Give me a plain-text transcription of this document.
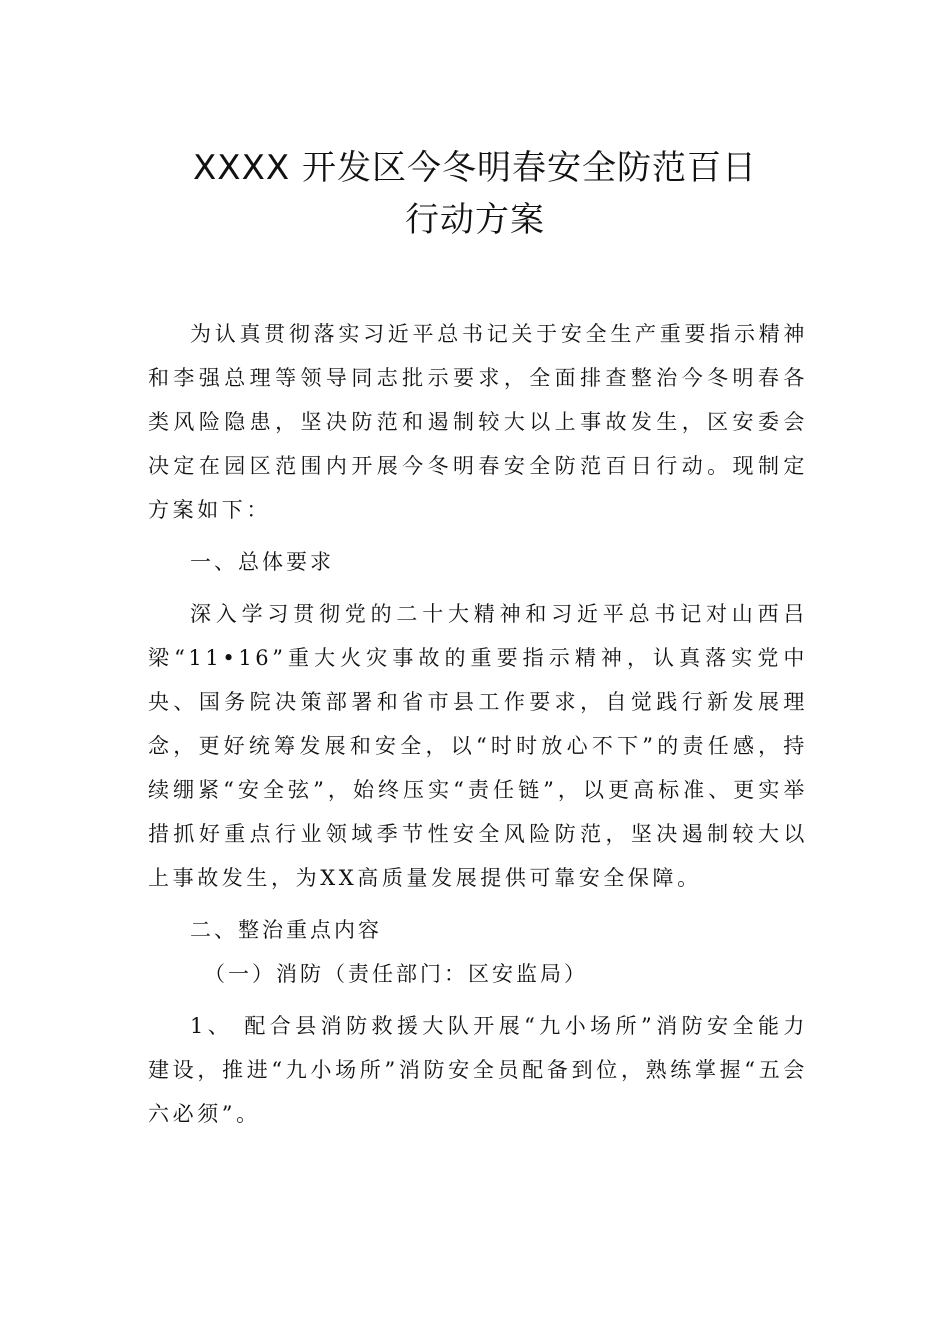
XXXX 开发区今冬明春安全防范百日
行动方案

为认真贯彻落实习近平总书记关于安全生产重要指示精神和李强总理等领导同志批示要求，全面排查整治今冬明春各类风险隐患，坚决防范和遏制较大以上事故发生，区安委会决定在园区范围内开展今冬明春安全防范百日行动。现制定方案如下：

一、总体要求

深入学习贯彻党的二十大精神和习近平总书记对山西吕梁“11•16”重大火灾事故的重要指示精神，认真落实党中央、国务院决策部署和省市县工作要求，自觉践行新发展理念，更好统筹发展和安全，以“时时放心不下”的责任感，持续绷紧“安全弦”，始终压实“责任链”，以更高标准、更实举措抓好重点行业领域季节性安全风险防范，坚决遏制较大以上事故发生，为XX高质量发展提供可靠安全保障。

二、整治重点内容

（一）消防（责任部门：区安监局）

1、 配合县消防救援大队开展“九小场所”消防安全能力建设，推进“九小场所”消防安全员配备到位，熟练掌握“五会六必须”。
